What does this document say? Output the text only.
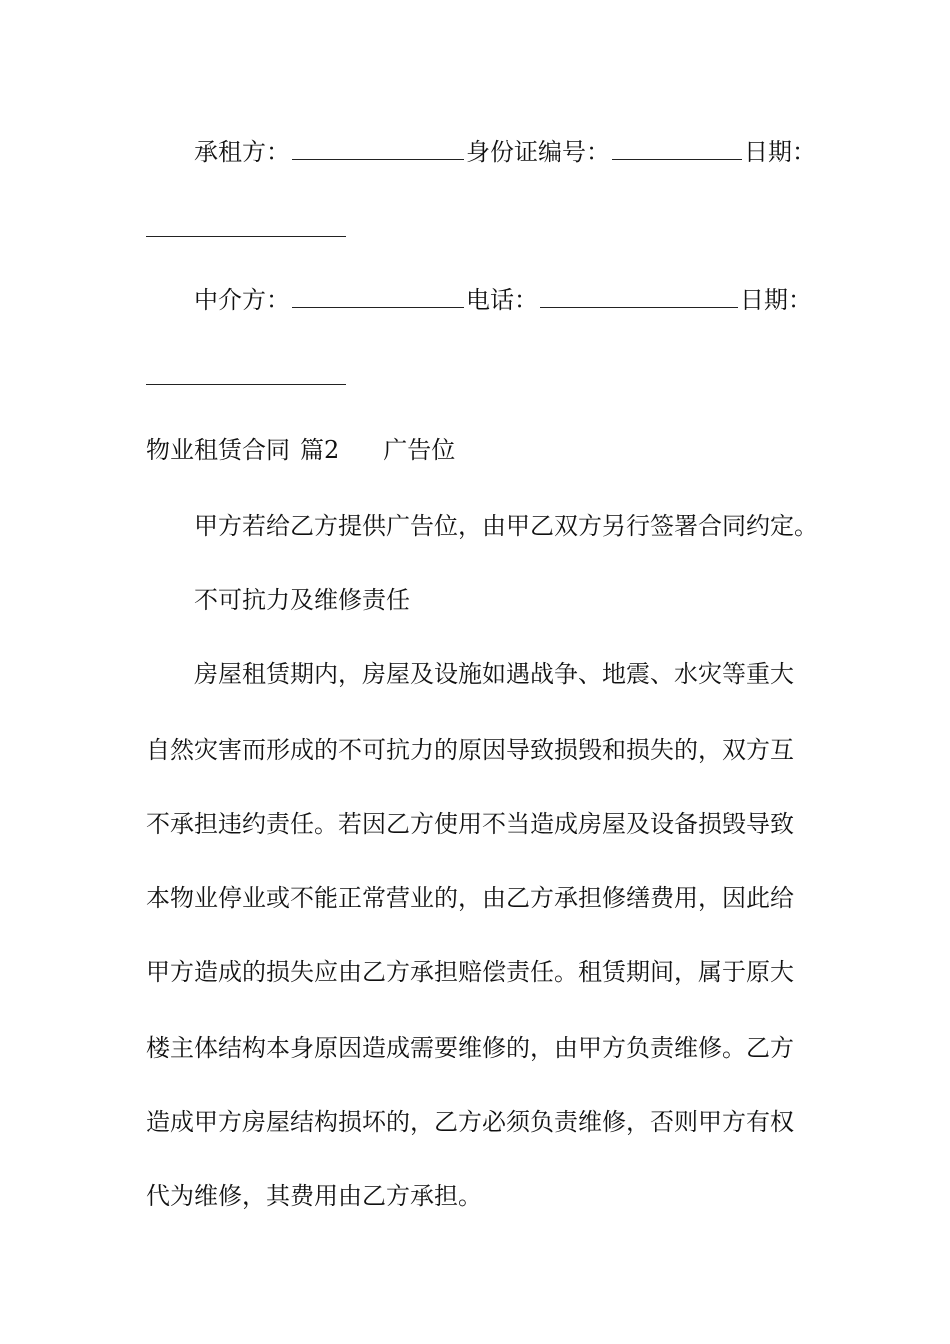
承租方：	身份证编号：	日期：
中介方：	电话：	日期：
物业租赁合同 篇2 广告位
甲方若给乙方提供广告位，由甲乙双方另行签署合同约定。
不可抗力及维修责任
房屋租赁期内，房屋及设施如遇战争、地震、水灾等重大
自然灾害而形成的不可抗力的原因导致损毁和损失的，双方互
不承担违约责任。若因乙方使用不当造成房屋及设备损毁导致
本物业停业或不能正常营业的，由乙方承担修缮费用，因此给
甲方造成的损失应由乙方承担赔偿责任。租赁期间，属于原大
楼主体结构本身原因造成需要维修的，由甲方负责维修。乙方
造成甲方房屋结构损坏的，乙方必须负责维修，否则甲方有权
代为维修，其费用由乙方承担。
